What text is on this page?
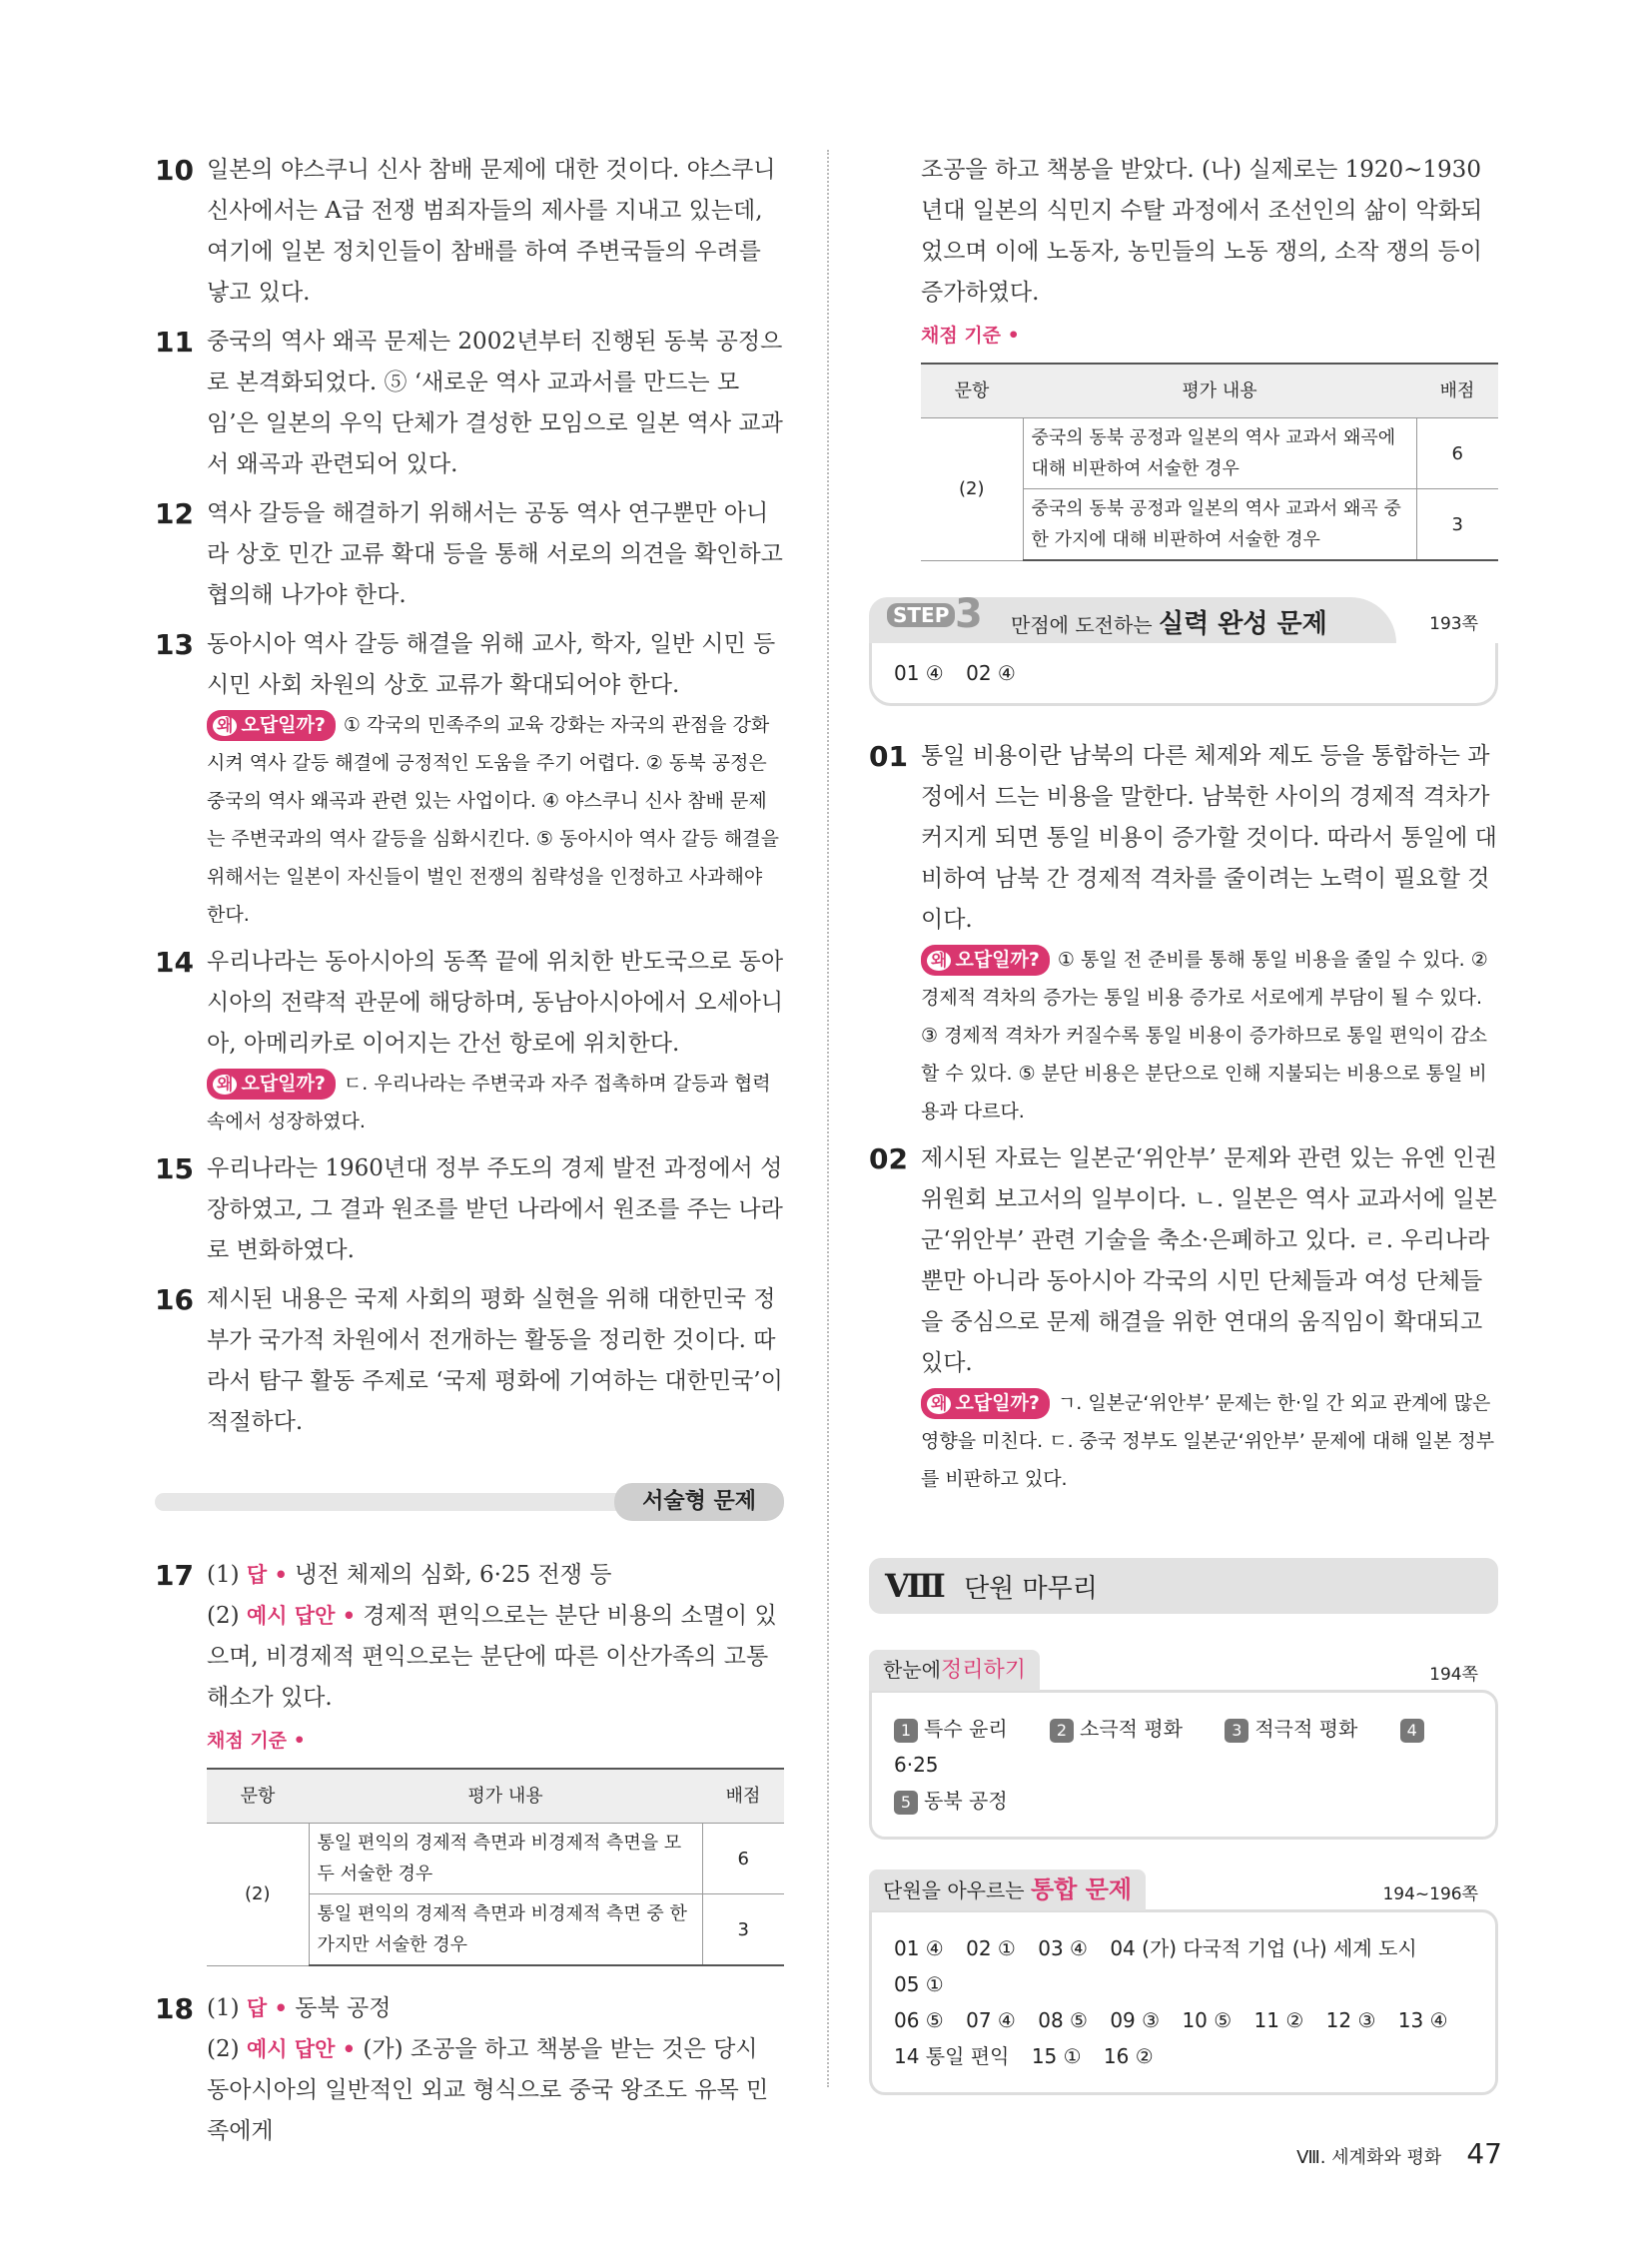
10 일본의 야스쿠니 신사 참배 문제에 대한 것이다. 야스쿠니 신사에서는 A급 전쟁 범죄자들의 제사를 지내고 있는데, 여기에 일본 정치인들이 참배를 하여 주변국들의 우려를 낳고 있다.
11 중국의 역사 왜곡 문제는 2002년부터 진행된 동북 공정으로 본격화되었다. ⑤ ‘새로운 역사 교과서를 만드는 모임’은 일본의 우익 단체가 결성한 모임으로 일본 역사 교과서 왜곡과 관련되어 있다.
12 역사 갈등을 해결하기 위해서는 공동 역사 연구뿐만 아니라 상호 민간 교류 확대 등을 통해 서로의 의견을 확인하고 협의해 나가야 한다.
13 동아시아 역사 갈등 해결을 위해 교사, 학자, 일반 시민 등 시민 사회 차원의 상호 교류가 확대되어야 한다.
왜 오답일까? ① 각국의 민족주의 교육 강화는 자국의 관점을 강화시켜 역사 갈등 해결에 긍정적인 도움을 주기 어렵다. ② 동북 공정은 중국의 역사 왜곡과 관련 있는 사업이다. ④ 야스쿠니 신사 참배 문제는 주변국과의 역사 갈등을 심화시킨다. ⑤ 동아시아 역사 갈등 해결을 위해서는 일본이 자신들이 벌인 전쟁의 침략성을 인정하고 사과해야 한다.
14 우리나라는 동아시아의 동쪽 끝에 위치한 반도국으로 동아시아의 전략적 관문에 해당하며, 동남아시아에서 오세아니아, 아메리카로 이어지는 간선 항로에 위치한다.
왜 오답일까? ㄷ. 우리나라는 주변국과 자주 접촉하며 갈등과 협력 속에서 성장하였다.
15 우리나라는 1960년대 정부 주도의 경제 발전 과정에서 성장하였고, 그 결과 원조를 받던 나라에서 원조를 주는 나라로 변화하였다.
16 제시된 내용은 국제 사회의 평화 실현을 위해 대한민국 정부가 국가적 차원에서 전개하는 활동을 정리한 것이다. 따라서 탐구 활동 주제로 ‘국제 평화에 기여하는 대한민국’이 적절하다.
서술형 문제
17 (1) 답 • 냉전 체제의 심화, 6·25 전쟁 등
(2) 예시 답안 • 경제적 편익으로는 분단 비용의 소멸이 있으며, 비경제적 편익으로는 분단에 따른 이산가족의 고통 해소가 있다.
채점 기준 •
문항	평가 내용	배점
(2)	통일 편익의 경제적 측면과 비경제적 측면을 모두 서술한 경우	6
	통일 편익의 경제적 측면과 비경제적 측면 중 한 가지만 서술한 경우	3
18 (1) 답 • 동북 공정
(2) 예시 답안 • (가) 조공을 하고 책봉을 받는 것은 당시 동아시아의 일반적인 외교 형식으로 중국 왕조도 유목 민족에게
조공을 하고 책봉을 받았다. (나) 실제로는 1920~1930년대 일본의 식민지 수탈 과정에서 조선인의 삶이 악화되었으며 이에 노동자, 농민들의 노동 쟁의, 소작 쟁의 등이 증가하였다.
채점 기준 •
문항	평가 내용	배점
(2)	중국의 동북 공정과 일본의 역사 교과서 왜곡에 대해 비판하여 서술한 경우	6
	중국의 동북 공정과 일본의 역사 교과서 왜곡 중 한 가지에 대해 비판하여 서술한 경우	3
STEP 3 만점에 도전하는 실력 완성 문제	193쪽
01 ④ 02 ④
01 통일 비용이란 남북의 다른 체제와 제도 등을 통합하는 과정에서 드는 비용을 말한다. 남북한 사이의 경제적 격차가 커지게 되면 통일 비용이 증가할 것이다. 따라서 통일에 대비하여 남북 간 경제적 격차를 줄이려는 노력이 필요할 것이다.
왜 오답일까? ① 통일 전 준비를 통해 통일 비용을 줄일 수 있다. ② 경제적 격차의 증가는 통일 비용 증가로 서로에게 부담이 될 수 있다. ③ 경제적 격차가 커질수록 통일 비용이 증가하므로 통일 편익이 감소할 수 있다. ⑤ 분단 비용은 분단으로 인해 지불되는 비용으로 통일 비용과 다르다.
02 제시된 자료는 일본군‘위안부’ 문제와 관련 있는 유엔 인권 위원회 보고서의 일부이다. ㄴ. 일본은 역사 교과서에 일본군‘위안부’ 관련 기술을 축소·은폐하고 있다. ㄹ. 우리나라뿐만 아니라 동아시아 각국의 시민 단체들과 여성 단체들을 중심으로 문제 해결을 위한 연대의 움직임이 확대되고 있다.
왜 오답일까? ㄱ. 일본군‘위안부’ 문제는 한·일 간 외교 관계에 많은 영향을 미친다. ㄷ. 중국 정부도 일본군‘위안부’ 문제에 대해 일본 정부를 비판하고 있다.
Ⅷ 단원 마무리
한눈에정리하기	194쪽
1 특수 윤리	2 소극적 평화	3 적극적 평화	46·25
5 동북 공정
단원을 아우르는 통합 문제	194~196쪽
01 ④ 02 ① 03 ④ 04 (가) 다국적 기업 (나) 세계 도시 05 ①
06 ⑤ 07 ④ 08 ⑤ 09 ③ 10 ⑤ 11 ② 12 ③ 13 ④
14 통일 편익 15 ① 16 ②
Ⅷ. 세계화와 평화 47
